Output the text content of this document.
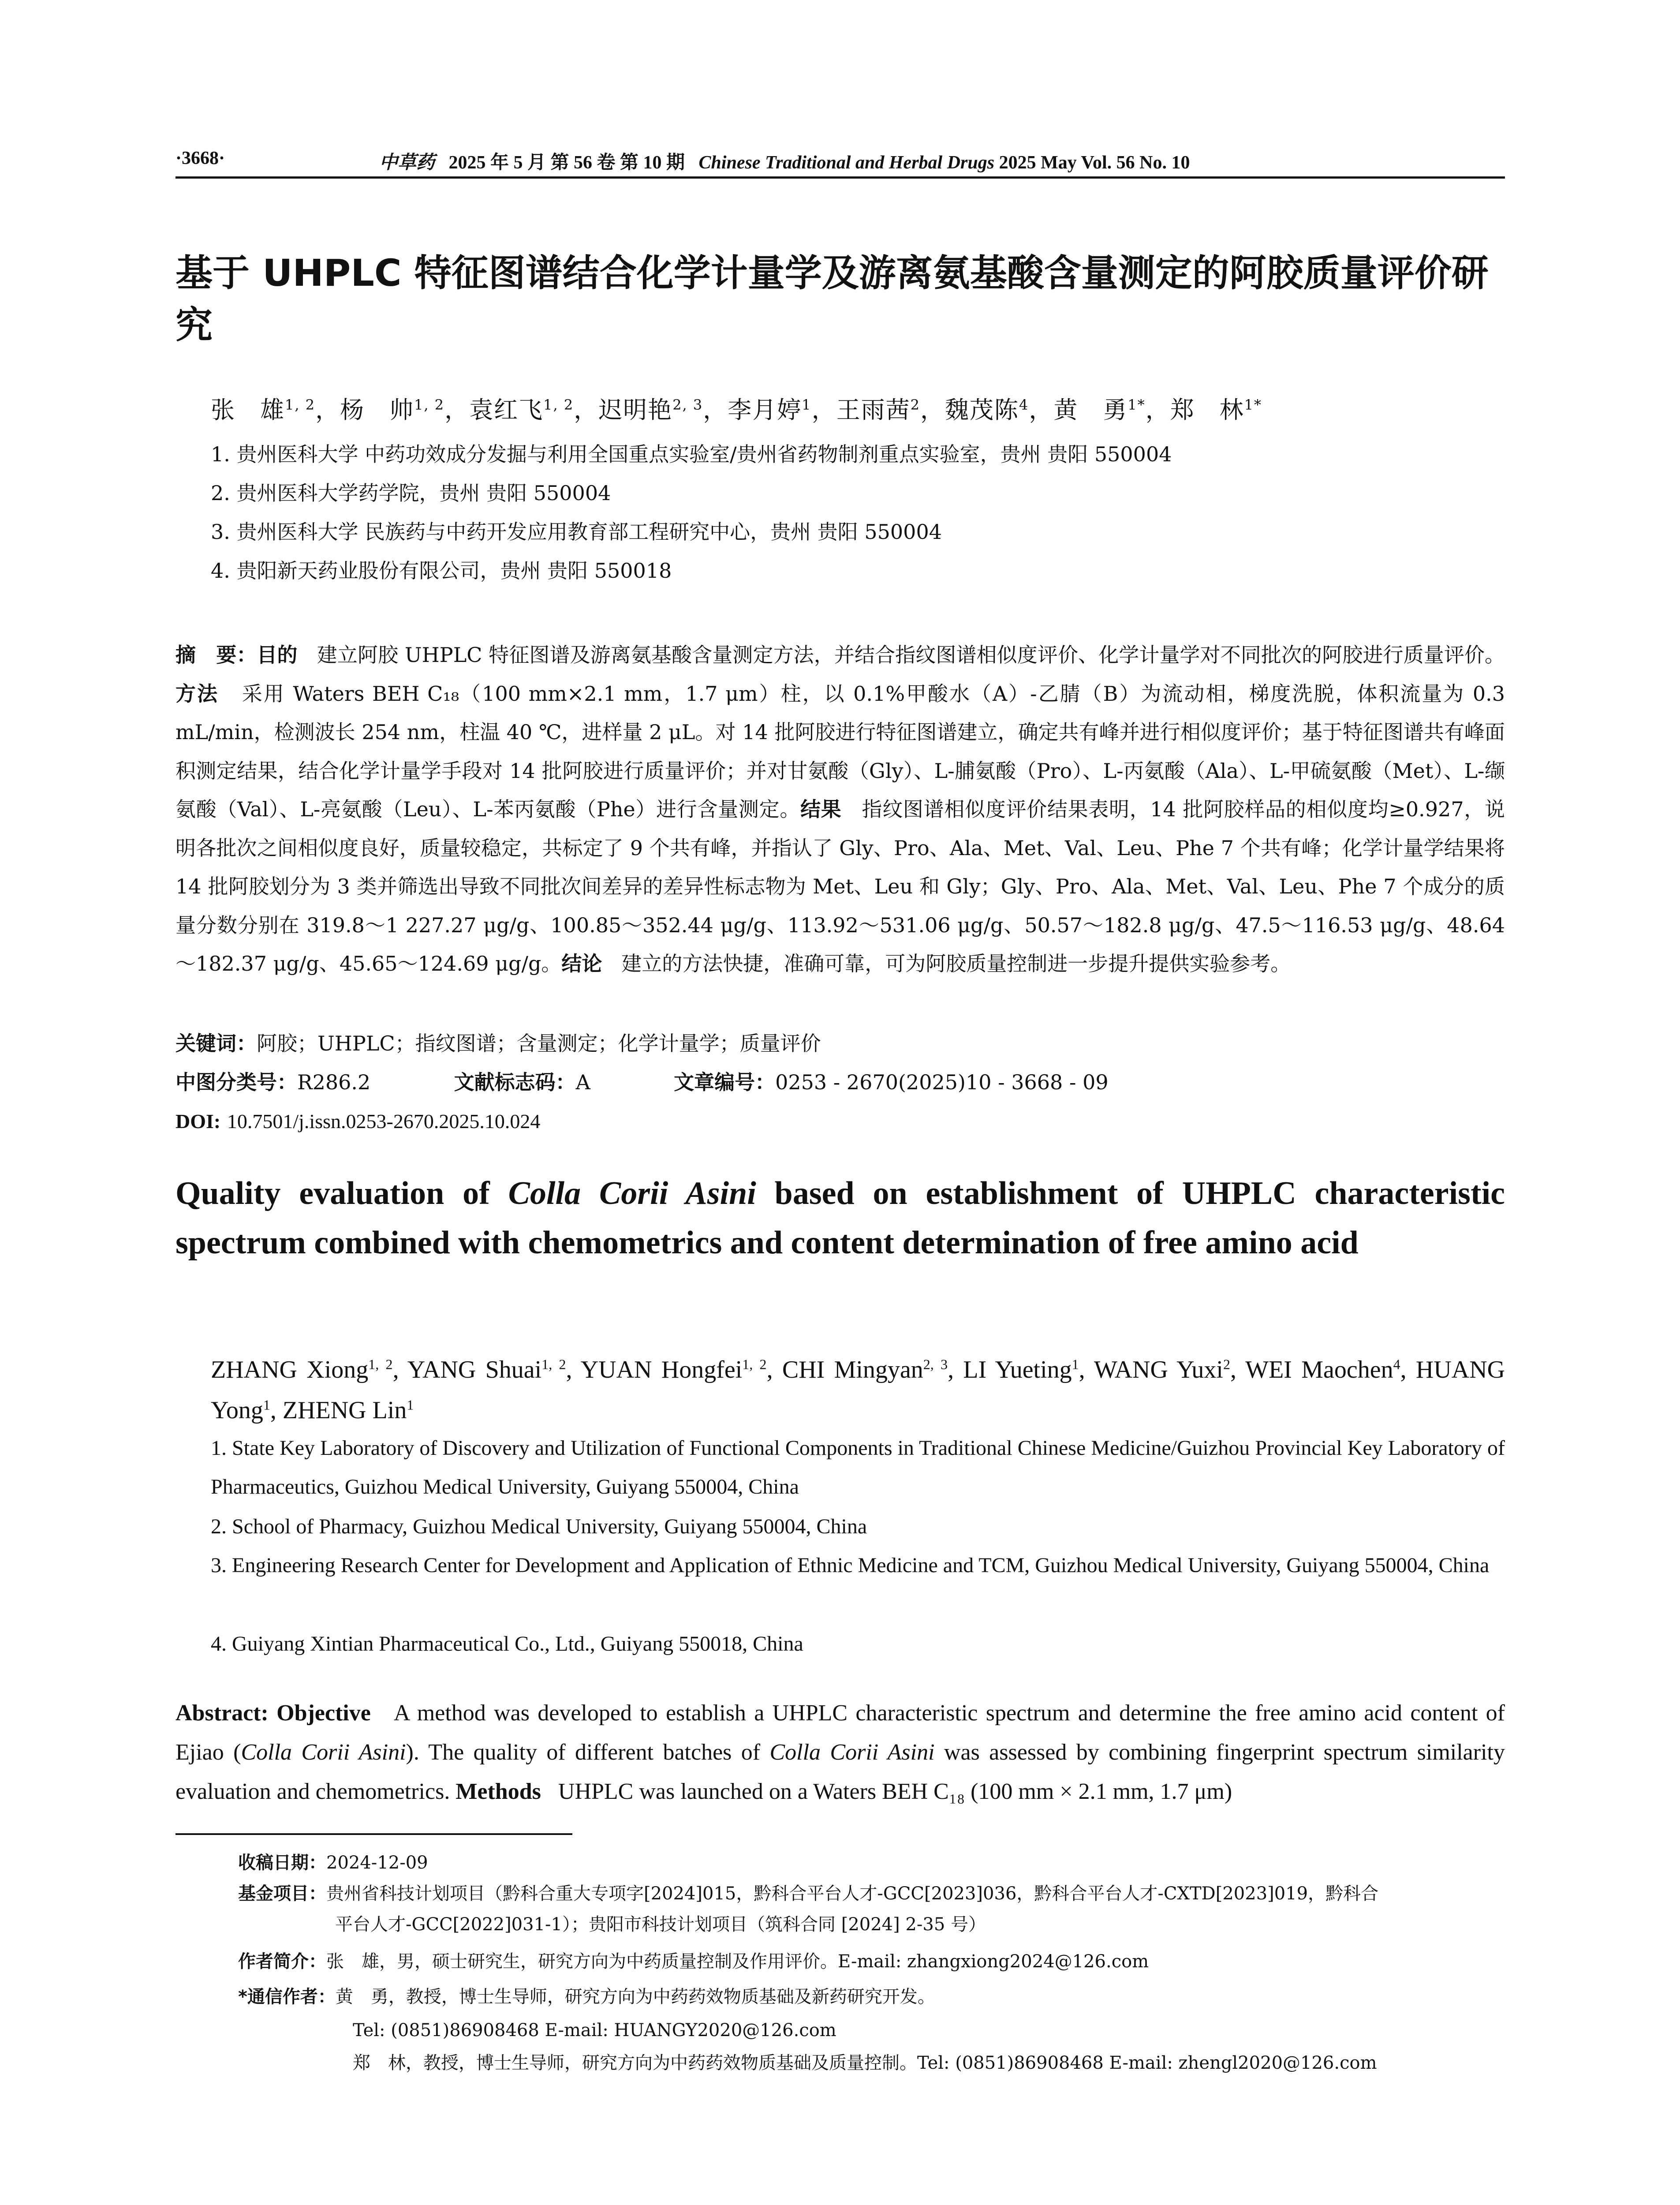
·3668·	中草药 2025 年 5 月 第 56 卷 第 10 期 Chinese Traditional and Herbal Drugs 2025 May Vol. 56 No. 10
基于 UHPLC 特征图谱结合化学计量学及游离氨基酸含量测定的阿胶质量评价研究
张　雄$^{1, 2}$，杨　帅$^{1, 2}$，袁红飞$^{1, 2}$，迟明艳$^{2, 3}$，李月婷$^1$，王雨茜$^2$，魏茂陈$^4$，黄　勇$^{1*}$，郑　林$^{1*}$
1. 贵州医科大学 中药功效成分发掘与利用全国重点实验室/贵州省药物制剂重点实验室，贵州 贵阳 550004
2. 贵州医科大学药学院，贵州 贵阳 550004
3. 贵州医科大学 民族药与中药开发应用教育部工程研究中心，贵州 贵阳 550004
4. 贵阳新天药业股份有限公司，贵州 贵阳 550018
摘　要：目的 建立阿胶 UHPLC 特征图谱及游离氨基酸含量测定方法，并结合指纹图谱相似度评价、化学计量学对不同批次的阿胶进行质量评价。方法 采用 Waters BEH C₁₈（100 mm×2.1 mm，1.7 μm）柱，以 0.1%甲酸水（A）-乙腈（B）为流动相，梯度洗脱，体积流量为 0.3 mL/min，检测波长 254 nm，柱温 40 ℃，进样量 2 μL。对 14 批阿胶进行特征图谱建立，确定共有峰并进行相似度评价；基于特征图谱共有峰面积测定结果，结合化学计量学手段对 14 批阿胶进行质量评价；并对甘氨酸（Gly）、L-脯氨酸（Pro）、L-丙氨酸（Ala）、L-甲硫氨酸（Met）、L-缬氨酸（Val）、L-亮氨酸（Leu）、L-苯丙氨酸（Phe）进行含量测定。结果 指纹图谱相似度评价结果表明，14 批阿胶样品的相似度均≥0.927，说明各批次之间相似度良好，质量较稳定，共标定了 9 个共有峰，并指认了 Gly、Pro、Ala、Met、Val、Leu、Phe 7 个共有峰；化学计量学结果将 14 批阿胶划分为 3 类并筛选出导致不同批次间差异的差异性标志物为 Met、Leu 和 Gly；Gly、Pro、Ala、Met、Val、Leu、Phe 7 个成分的质量分数分别在 319.8～1 227.27 μg/g、100.85～352.44 μg/g、113.92～531.06 μg/g、50.57～182.8 μg/g、47.5～116.53 μg/g、48.64～182.37 μg/g、45.65～124.69 μg/g。结论 建立的方法快捷，准确可靠，可为阿胶质量控制进一步提升提供实验参考。
关键词：阿胶；UHPLC；指纹图谱；含量测定；化学计量学；质量评价
中图分类号：R286.2	文献标志码：A	文章编号：0253 - 2670(2025)10 - 3668 - 09
DOI: 10.7501/j.issn.0253-2670.2025.10.024
Quality evaluation of Colla Corii Asini based on establishment of UHPLC characteristic spectrum combined with chemometrics and content determination of free amino acid
ZHANG Xiong$^{1, 2}$, YANG Shuai$^{1, 2}$, YUAN Hongfei$^{1, 2}$, CHI Mingyan$^{2, 3}$, LI Yueting$^1$, WANG Yuxi$^2$, WEI Maochen$^4$, HUANG Yong$^1$, ZHENG Lin$^1$
1. State Key Laboratory of Discovery and Utilization of Functional Components in Traditional Chinese Medicine/Guizhou Provincial Key Laboratory of Pharmaceutics, Guizhou Medical University, Guiyang 550004, China
2. School of Pharmacy, Guizhou Medical University, Guiyang 550004, China
3. Engineering Research Center for Development and Application of Ethnic Medicine and TCM, Guizhou Medical University, Guiyang 550004, China
4. Guiyang Xintian Pharmaceutical Co., Ltd., Guiyang 550018, China
Abstract: Objective A method was developed to establish a UHPLC characteristic spectrum and determine the free amino acid content of Ejiao (Colla Corii Asini). The quality of different batches of Colla Corii Asini was assessed by combining fingerprint spectrum similarity evaluation and chemometrics. Methods UHPLC was launched on a Waters BEH C₁₈ (100 mm × 2.1 mm, 1.7 μm)
收稿日期：2024-12-09
基金项目：贵州省科技计划项目（黔科合重大专项字[2024]015，黔科合平台人才-GCC[2023]036，黔科合平台人才-CXTD[2023]019，黔科合
平台人才-GCC[2022]031-1）；贵阳市科技计划项目（筑科合同 [2024] 2-35 号）
作者简介：张　雄，男，硕士研究生，研究方向为中药质量控制及作用评价。E-mail: zhangxiong2024@126.com
*通信作者：黄　勇，教授，博士生导师，研究方向为中药药效物质基础及新药研究开发。
Tel: (0851)86908468 E-mail: HUANGY2020@126.com
郑　林，教授，博士生导师，研究方向为中药药效物质基础及质量控制。Tel: (0851)86908468 E-mail: zhengl2020@126.com
